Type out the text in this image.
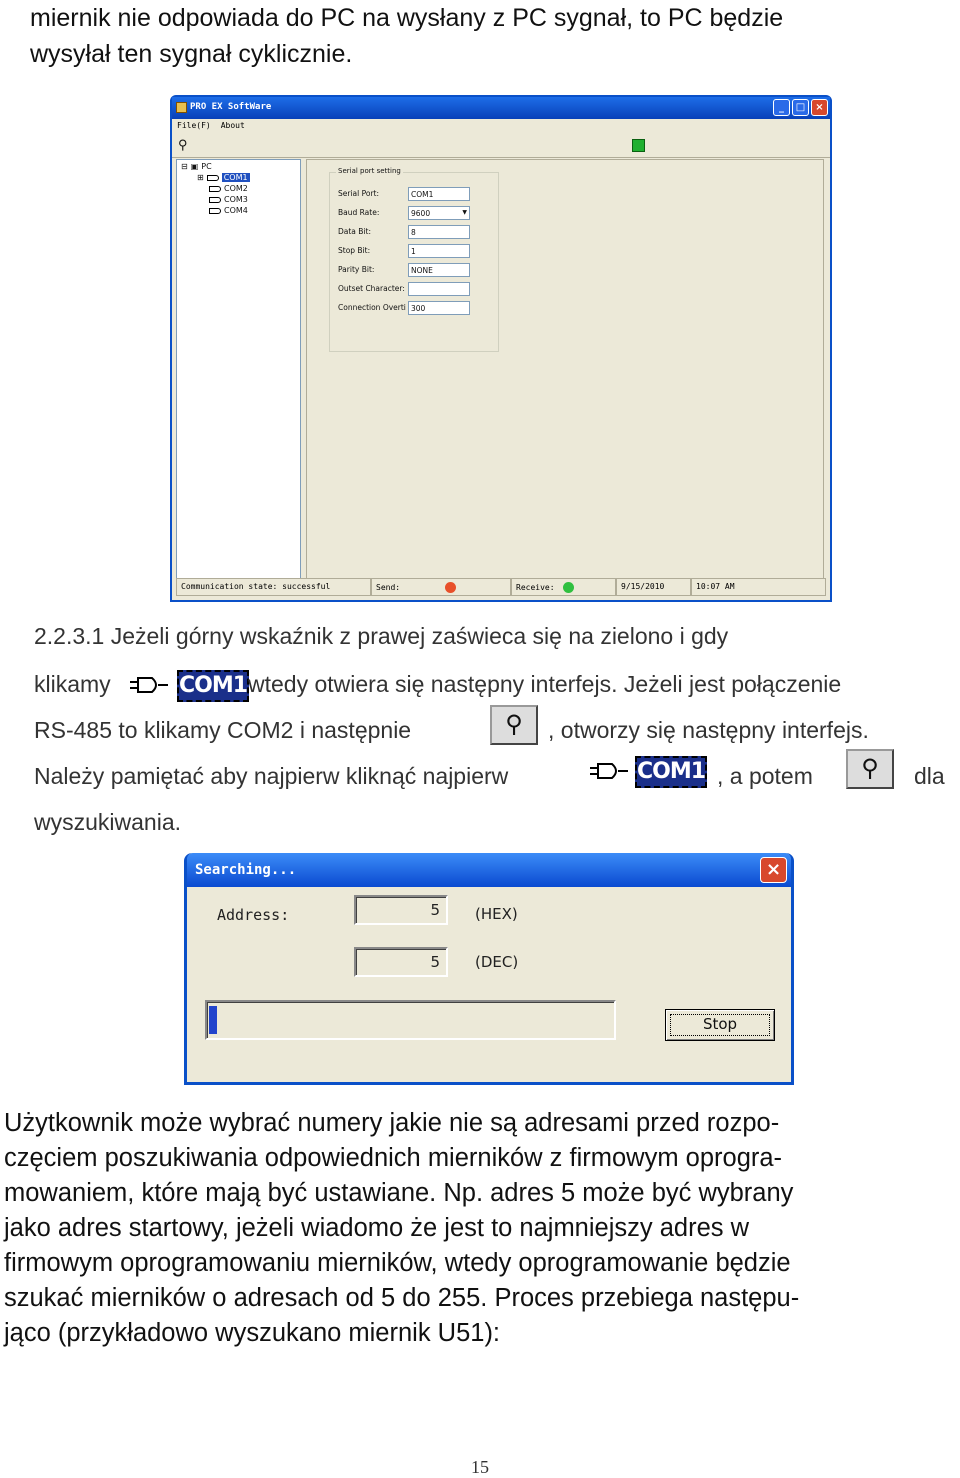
miernik nie odpowiada do PC na wysłany z PC sygnał, to PC będzie
wysyłał ten sygnał cyklicznie.
PRO EX SoftWare	_	□	×
File(F) About
⚲
⊟ ▣ PC
⊞	COM1
COM2
COM3
COM4
Serial port setting
Serial Port:	COM1
Baud Rate:	9600 ▼
Data Bit:	8
Stop Bit:	1
Parity Bit:	NONE
Outset Character:
Connection Overti 300
Communication state: successful	Send:	Receive:	9/15/2010	10:07 AM
2.2.3.1 Jeżeli górny wskaźnik z prawej zaświeca się na zielono i gdy
klikamy	COM1 wtedy otwiera się następny interfejs. Jeżeli jest połączenie
RS-485 to klikamy COM2 i następnie	⚲	, otworzy się następny interfejs.
Należy pamiętać aby najpierw kliknąć najpierw	COM1 , a potem	⚲	dla
wyszukiwania.
Searching...	×
Address:	5	(HEX)
5	(DEC)
Stop
Użytkownik może wybrać numery jakie nie są adresami przed rozpo-
częciem poszukiwania odpowiednich mierników z firmowym oprogra-
mowaniem, które mają być ustawiane. Np. adres 5 może być wybrany
jako adres startowy, jeżeli wiadomo że jest to najmniejszy adres w
firmowym oprogramowaniu mierników, wtedy oprogramowanie będzie
szukać mierników o adresach od 5 do 255. Proces przebiega następu-
jąco (przykładowo wyszukano miernik U51):
15
